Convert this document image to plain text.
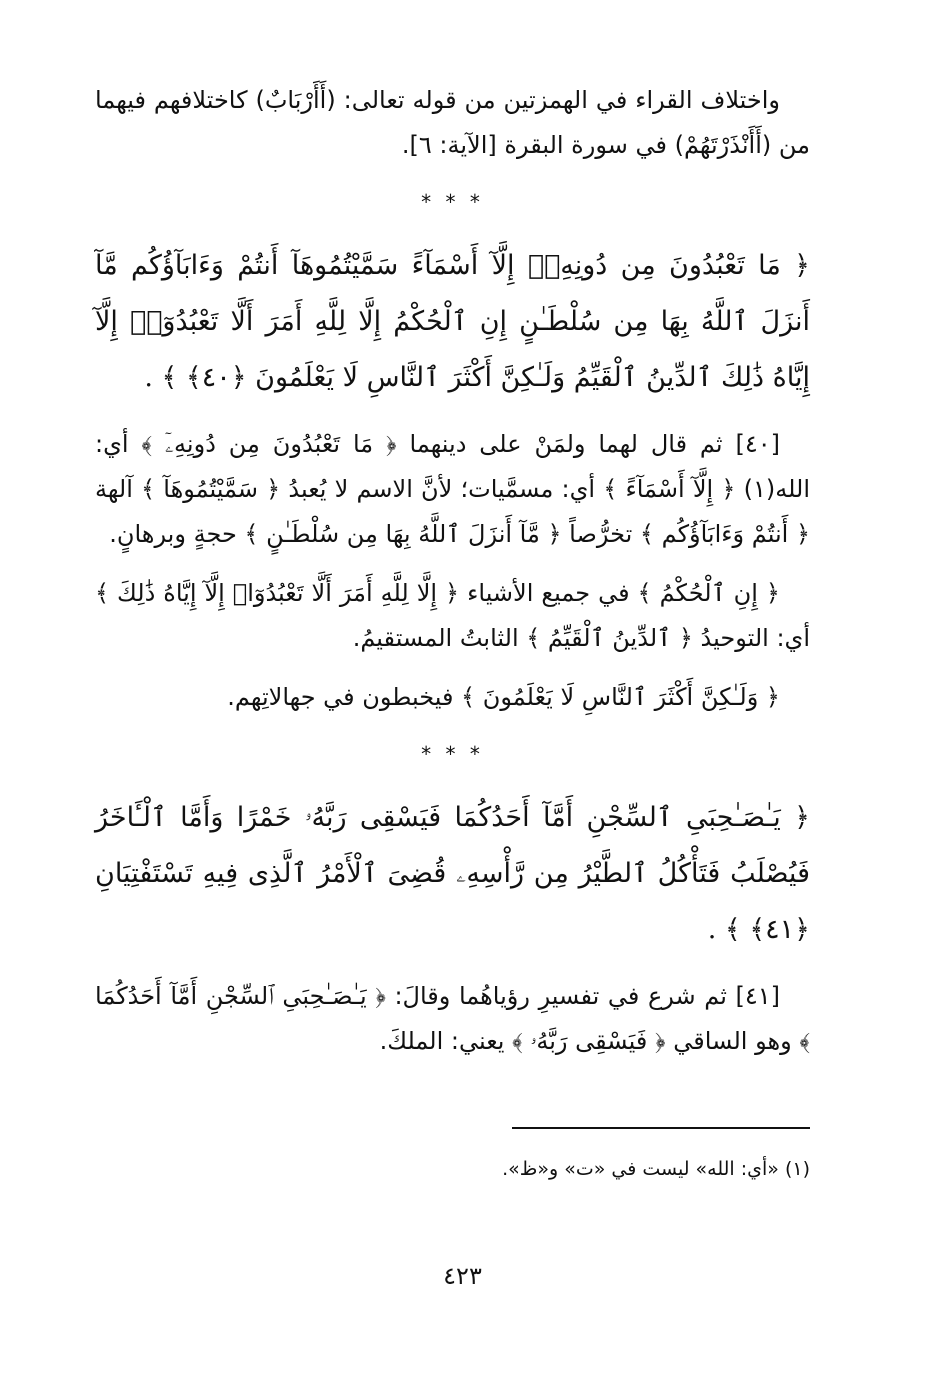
واختلاف القراء في الهمزتين من قوله تعالى: (أَأَرْبَابٌ) كاختلافهم فيهما من (أَأَنْذَرْتَهُمْ) في سورة البقرة [الآية: ٦].

* * *

﴿ مَا تَعْبُدُونَ مِن دُونِهِۦٓ إِلَّآ أَسْمَآءً سَمَّيْتُمُوهَآ أَنتُمْ وَءَابَآؤُكُم مَّآ أَنزَلَ ٱللَّهُ بِهَا مِن سُلْطَـٰنٍ إِنِ ٱلْحُكْمُ إِلَّا لِلَّهِ أَمَرَ أَلَّا تَعْبُدُوٓا۟ إِلَّآ إِيَّاهُ ذَٰلِكَ ٱلدِّينُ ٱلْقَيِّمُ وَلَـٰكِنَّ أَكْثَرَ ٱلنَّاسِ لَا يَعْلَمُونَ ﴿٤٠﴾ ﴾ .

[٤٠] ثم قال لهما ولمَنْ على دينهما ﴿ مَا تَعْبُدُونَ مِن دُونِهِۦٓ ﴾ أي: الله(١) ﴿ إِلَّآ أَسْمَآءً ﴾ أي: مسمَّيات؛ لأنَّ الاسم لا يُعبدُ ﴿ سَمَّيْتُمُوهَآ ﴾ آلهة ﴿ أَنتُمْ وَءَابَآؤُكُم ﴾ تخرُّصاً ﴿ مَّآ أَنزَلَ ٱللَّهُ بِهَا مِن سُلْطَـٰنٍ ﴾ حجةٍ وبرهانٍ.

﴿ إِنِ ٱلْحُكْمُ ﴾ في جميع الأشياء ﴿ إِلَّا لِلَّهِ أَمَرَ أَلَّا تَعْبُدُوٓا۟ إِلَّآ إِيَّاهُ ذَٰلِكَ ﴾ أي: التوحيدُ ﴿ ٱلدِّينُ ٱلْقَيِّمُ ﴾ الثابتُ المستقيمُ.

﴿ وَلَـٰكِنَّ أَكْثَرَ ٱلنَّاسِ لَا يَعْلَمُونَ ﴾ فيخبطون في جهالاتِهم.

* * *

﴿ يَـٰصَـٰحِبَىِ ٱلسِّجْنِ أَمَّآ أَحَدُكُمَا فَيَسْقِى رَبَّهُۥ خَمْرًا وَأَمَّا ٱلْـَٔاخَرُ فَيُصْلَبُ فَتَأْكُلُ ٱلطَّيْرُ مِن رَّأْسِهِۦ قُضِىَ ٱلْأَمْرُ ٱلَّذِى فِيهِ تَسْتَفْتِيَانِ ﴿٤١﴾ ﴾ .

[٤١] ثم شرع في تفسيرِ رؤياهُما وقالَ: ﴿ يَـٰصَـٰحِبَىِ ٱلسِّجْنِ أَمَّآ أَحَدُكُمَا ﴾ وهو الساقي ﴿ فَيَسْقِى رَبَّهُۥ ﴾ يعني: الملكَ.

(١) «أي: الله» ليست في «ت» و«ظ».
٤٢٣
